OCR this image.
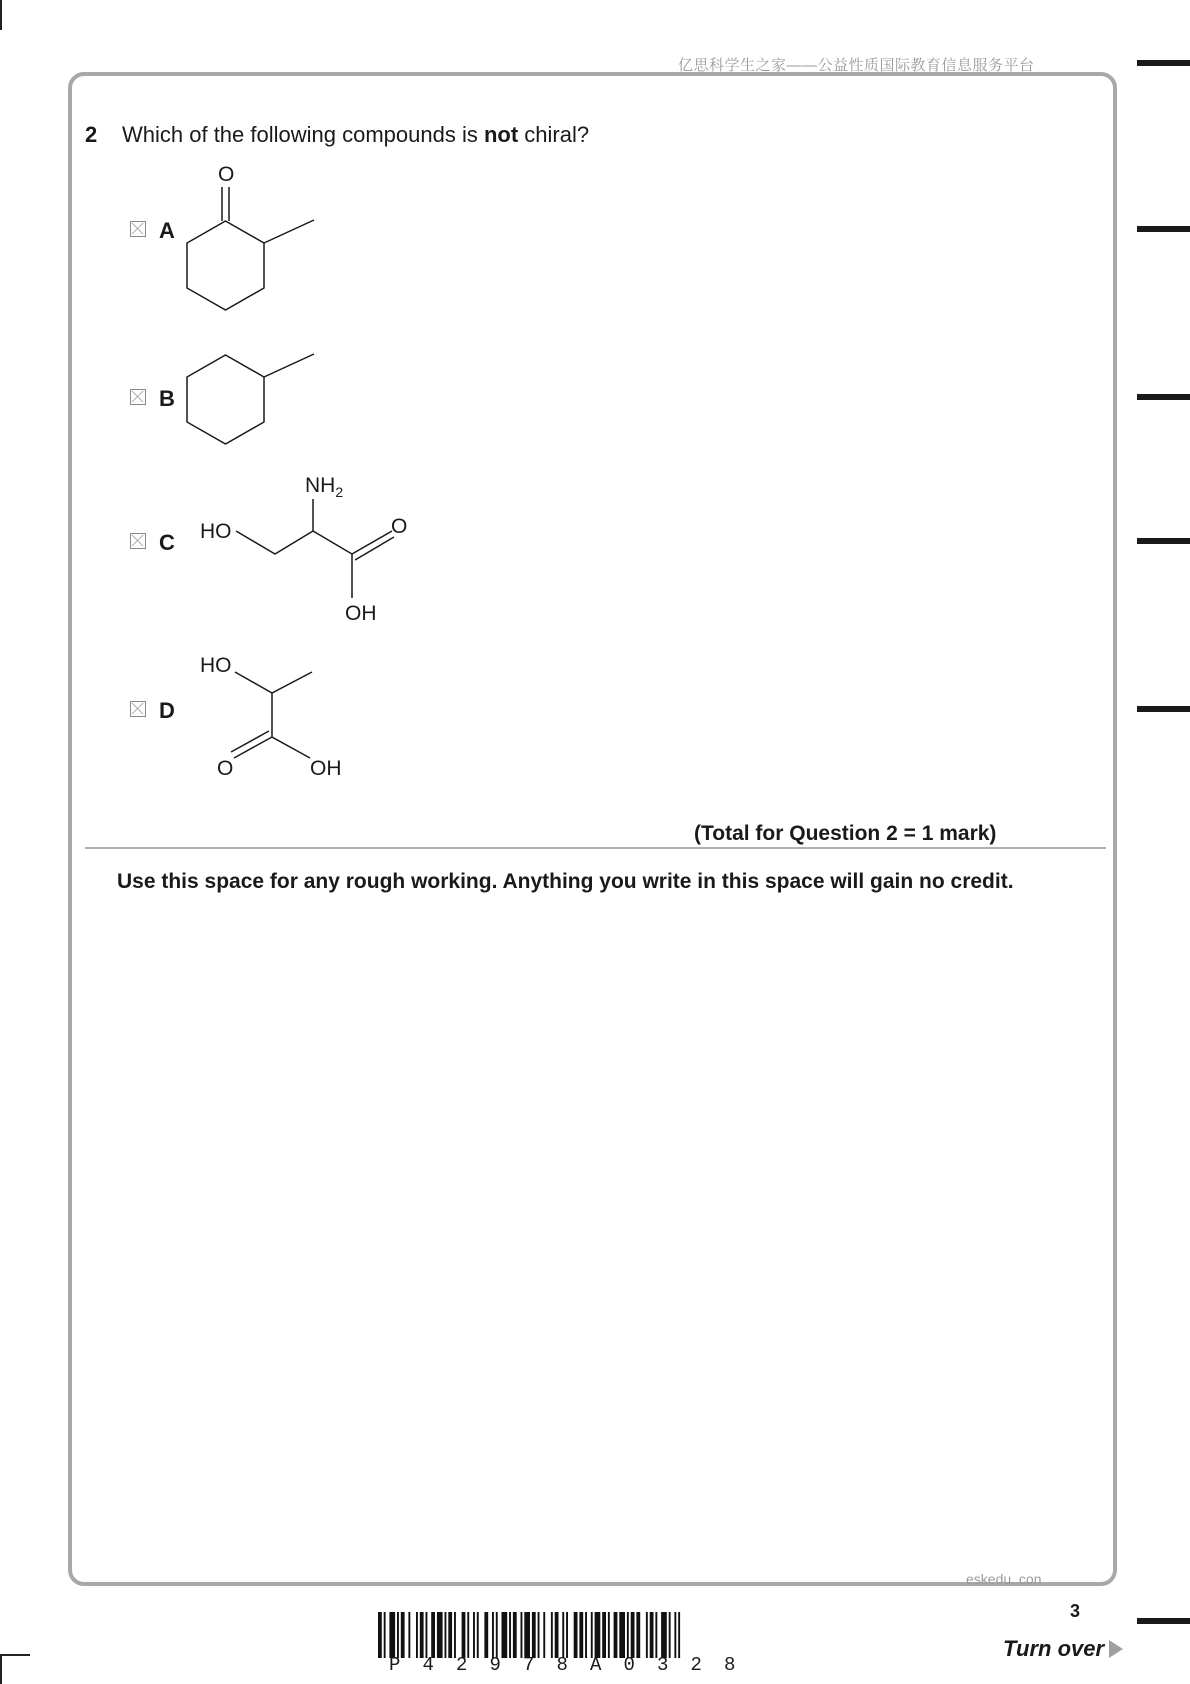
亿思科学生之家——公益性质国际教育信息服务平台
2 Which of the following compounds is not chiral?
A
O
B
C
$NH_2$
HO	O
OH
D
HO
O	OH
(Total for Question 2 = 1 mark)
Use this space for any rough working. Anything you write in this space will gain no credit.
eskedu. con
3
Turn over
P 4 2 9 7 8 A 0 3 2 8
